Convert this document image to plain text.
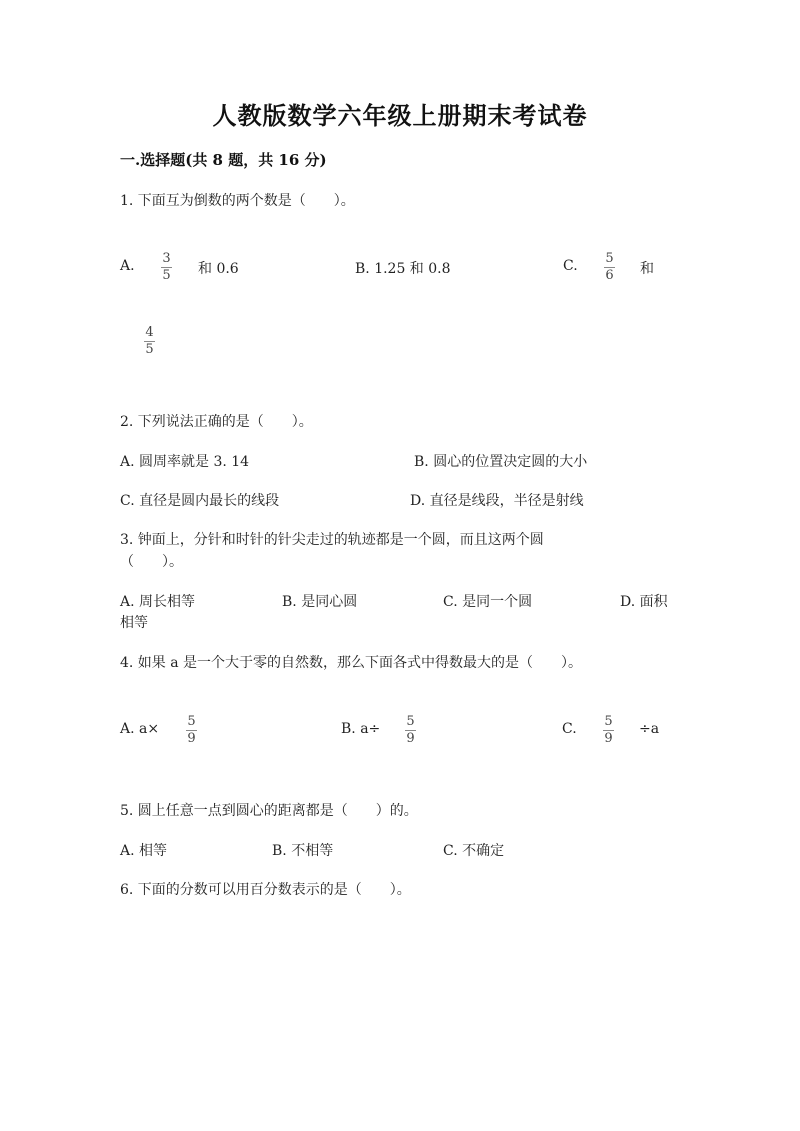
人教版数学六年级上册期末考试卷
一.选择题(共 8 题，共 16 分)
1. 下面互为倒数的两个数是（　　）。
A. 3
5 和 0.6	B. 1.25 和 0.8	C. 5
6 和
4
5
2. 下列说法正确的是（　　）。
A. 圆周率就是 3. 14	B. 圆心的位置决定圆的大小
C. 直径是圆内最长的线段	D. 直径是线段，半径是射线
3. 钟面上，分针和时针的针尖走过的轨迹都是一个圆，而且这两个圆
（　　）。
A. 周长相等
相等
B. 是同心圆	C. 是同一个圆	D. 面积
4. 如果 a 是一个大于零的自然数，那么下面各式中得数最大的是（　　）。
A. a× 5
9
B. a÷ 5
9
C. 5
9
÷a
5. 圆上任意一点到圆心的距离都是（　　）的。
A. 相等	B. 不相等	C. 不确定
6. 下面的分数可以用百分数表示的是（　　）。
